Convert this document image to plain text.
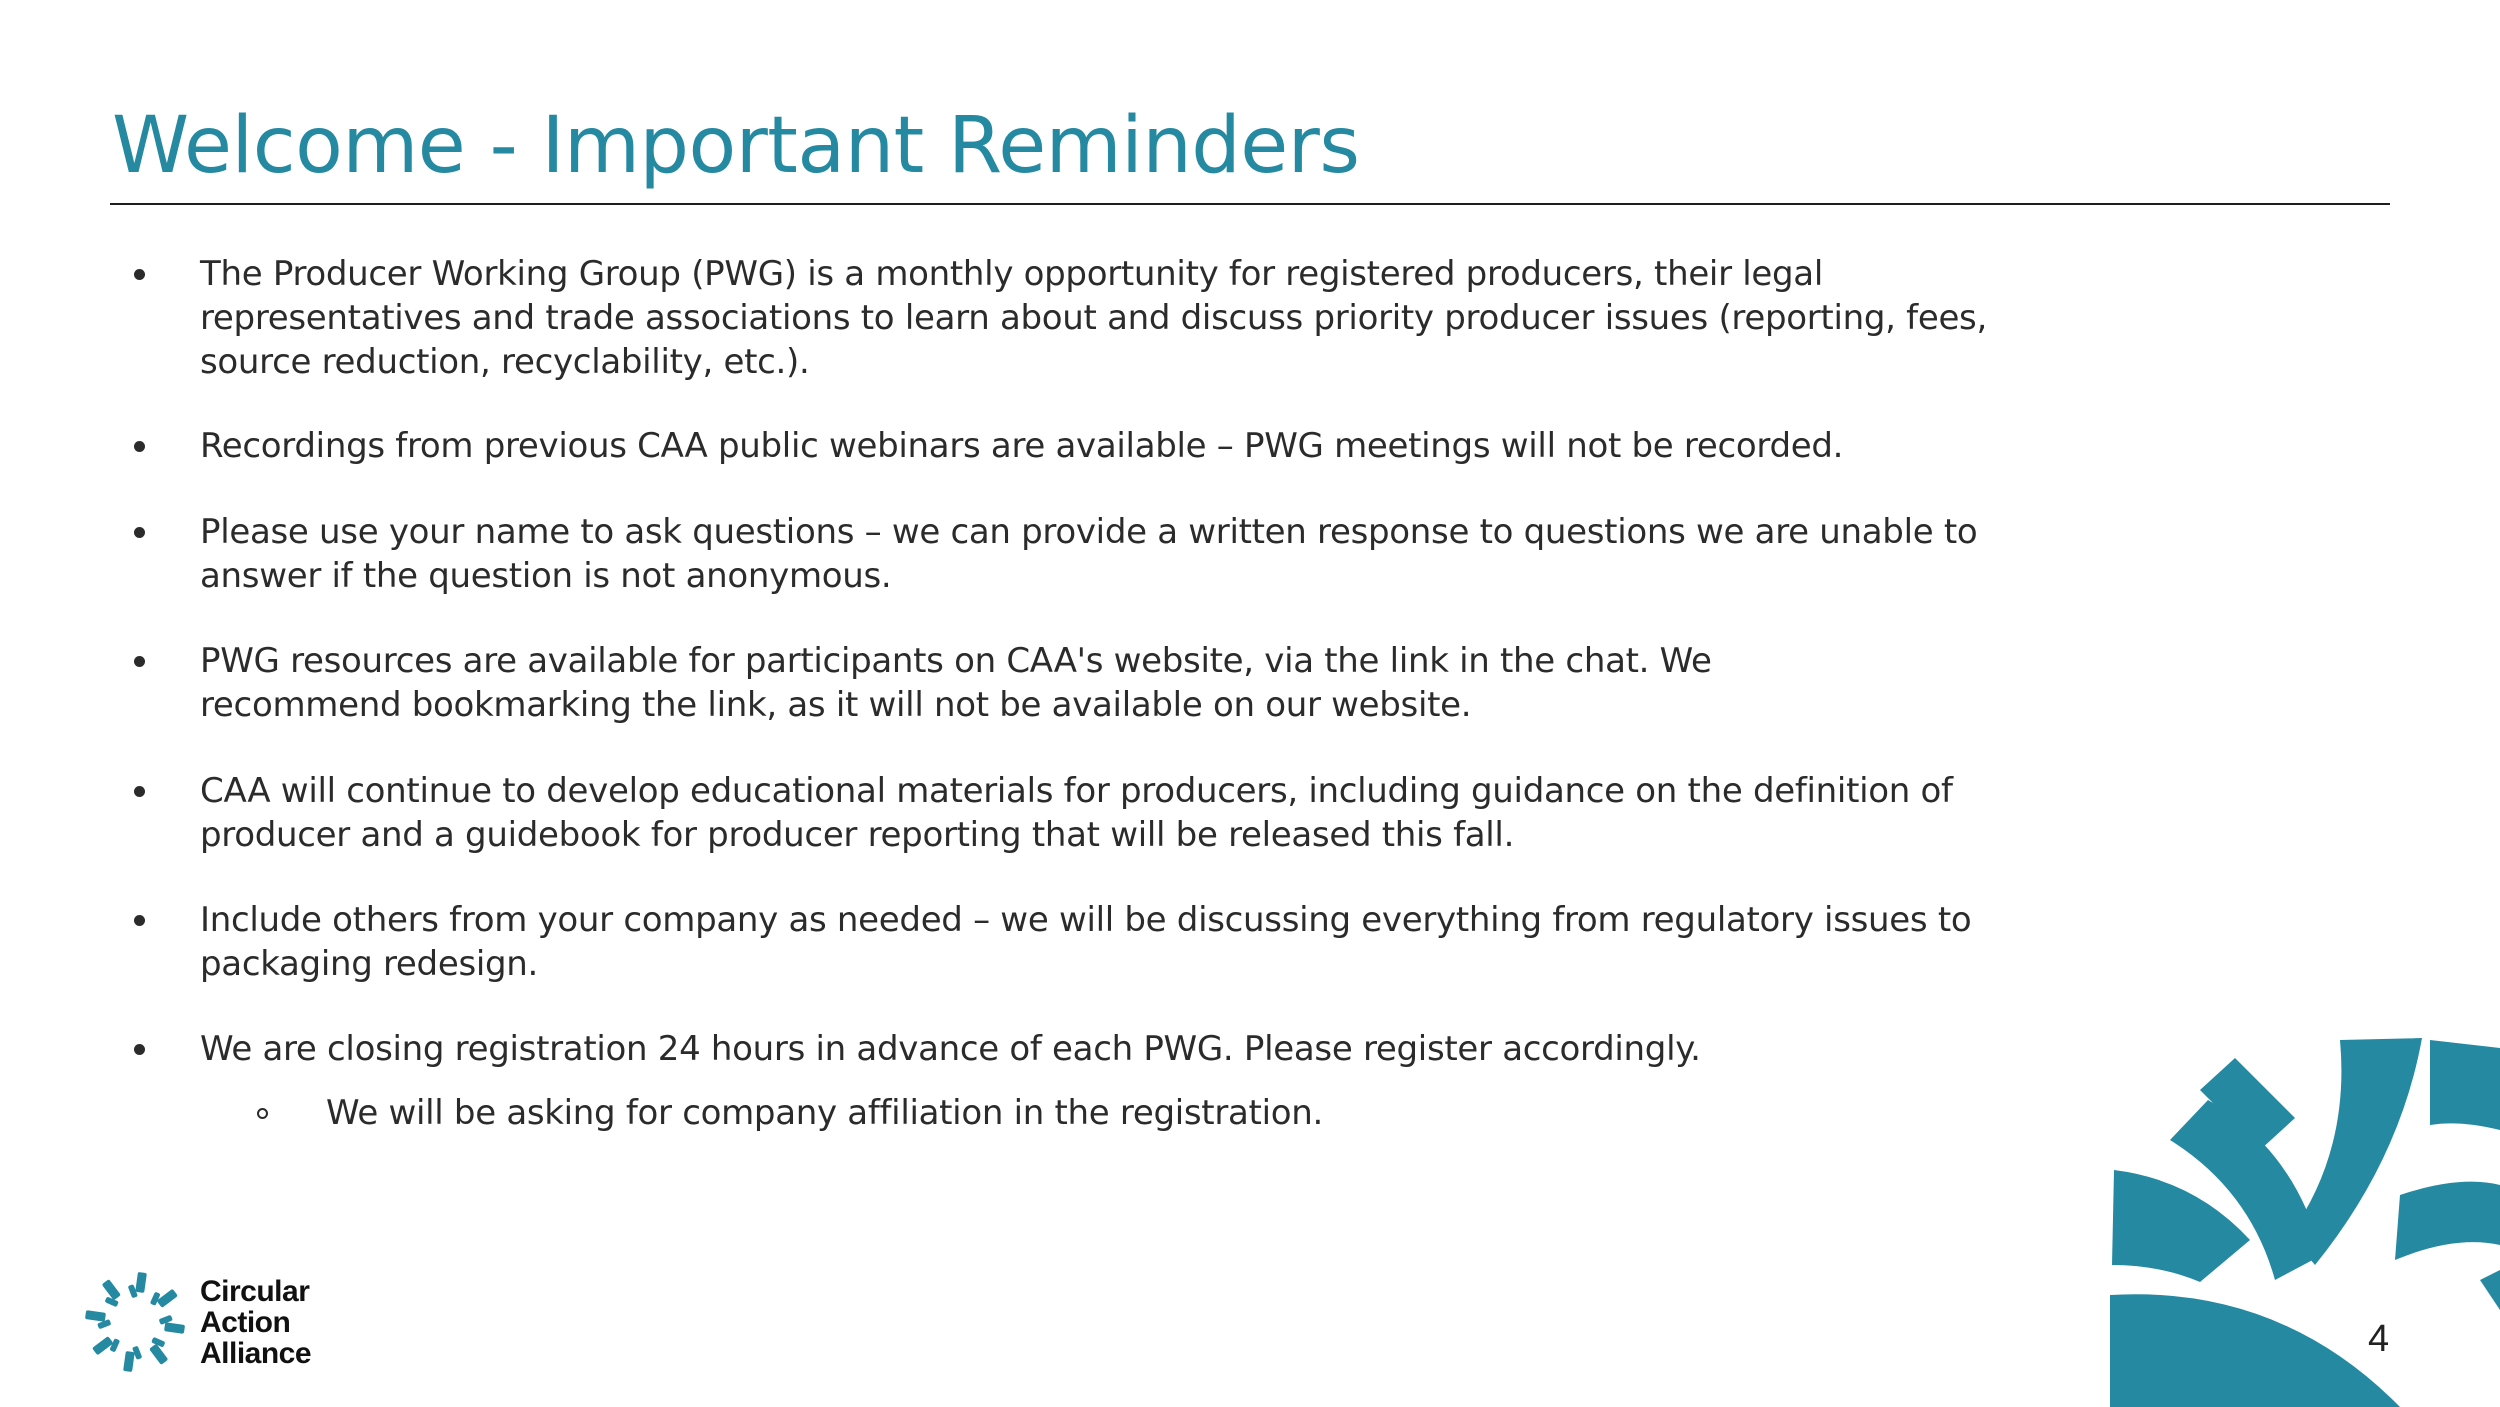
Welcome - Important Reminders
The Producer Working Group (PWG) is a monthly opportunity for registered producers, their legal representatives and trade associations to learn about and discuss priority producer issues (reporting, fees, source reduction, recyclability, etc.).
Recordings from previous CAA public webinars are available – PWG meetings will not be recorded.
Please use your name to ask questions – we can provide a written response to questions we are unable to answer if the question is not anonymous.
PWG resources are available for participants on CAA's website, via the link in the chat. We recommend bookmarking the link, as it will not be available on our website.
CAA will continue to develop educational materials for producers, including guidance on the definition of producer and a guidebook for producer reporting that will be released this fall.
Include others from your company as needed – we will be discussing everything from regulatory issues to packaging redesign.
We are closing registration 24 hours in advance of each PWG. Please register accordingly.
We will be asking for company affiliation in the registration.
Circular
Action
Alliance	4
